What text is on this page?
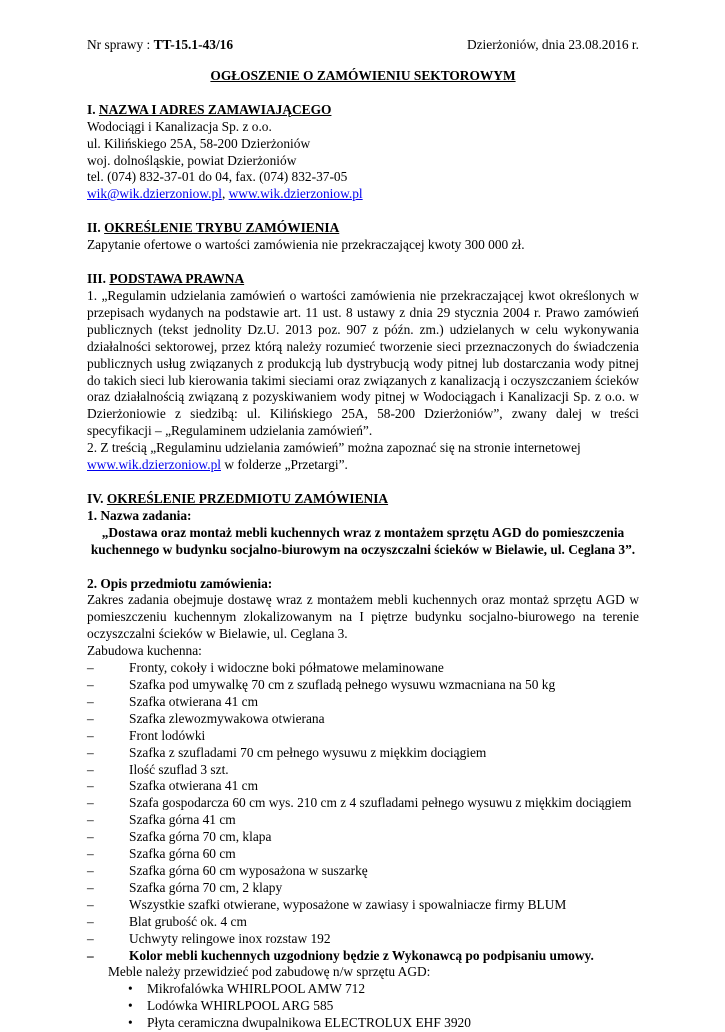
Nr sprawy : TT-15.1-43/16	Dzierżoniów, dnia 23.08.2016 r.
OGŁOSZENIE O ZAMÓWIENIU SEKTOROWYM
I. NAZWA I ADRES ZAMAWIAJĄCEGO
Wodociągi i Kanalizacja Sp. z o.o.
ul. Kilińskiego 25A, 58-200 Dzierżoniów
woj. dolnośląskie, powiat Dzierżoniów
tel. (074) 832-37-01 do 04, fax. (074) 832-37-05
wik@wik.dzierzoniow.pl, www.wik.dzierzoniow.pl
II. OKREŚLENIE TRYBU ZAMÓWIENIA
Zapytanie ofertowe o wartości zamówienia nie przekraczającej kwoty 300 000 zł.
III. PODSTAWA PRAWNA
1. „Regulamin udzielania zamówień o wartości zamówienia nie przekraczającej kwot określonych w przepisach wydanych na podstawie art. 11 ust. 8 ustawy z dnia 29 stycznia 2004 r. Prawo zamówień publicznych (tekst jednolity Dz.U. 2013 poz. 907 z późn. zm.) udzielanych w celu wykonywania działalności sektorowej, przez którą należy rozumieć tworzenie sieci przeznaczonych do świadczenia publicznych usług związanych z produkcją lub dystrybucją wody pitnej lub dostarczania wody pitnej do takich sieci lub kierowania takimi sieciami oraz związanych z kanalizacją i oczyszczaniem ścieków oraz działalnością związaną z pozyskiwaniem wody pitnej w Wodociągach i Kanalizacji Sp. z o.o. w Dzierżoniowie z siedzibą: ul. Kilińskiego 25A, 58-200 Dzierżoniów”, zwany dalej w treści specyfikacji – „Regulaminem udzielania zamówień”.
2. Z treścią „Regulaminu udzielania zamówień” można zapoznać się na stronie internetowej
www.wik.dzierzoniow.pl w folderze „Przetargi”.
IV. OKREŚLENIE PRZEDMIOTU ZAMÓWIENIA
1. Nazwa zadania:
„Dostawa oraz montaż mebli kuchennych wraz z montażem sprzętu AGD do pomieszczenia
kuchennego w budynku socjalno-biurowym na oczyszczalni ścieków w Bielawie, ul. Ceglana 3”.
2. Opis przedmiotu zamówienia:
Zakres zadania obejmuje dostawę wraz z montażem mebli kuchennych oraz montaż sprzętu AGD w pomieszczeniu kuchennym zlokalizowanym na I piętrze budynku socjalno-biurowego na terenie oczyszczalni ścieków w Bielawie, ul. Ceglana 3.
Zabudowa kuchenna:
– Fronty, cokoły i widoczne boki półmatowe melaminowane
– Szafka pod umywalkę 70 cm z szufladą pełnego wysuwu wzmacniana na 50 kg
– Szafka otwierana 41 cm
– Szafka zlewozmywakowa otwierana
– Front lodówki
– Szafka z szufladami 70 cm pełnego wysuwu z miękkim dociągiem
– Ilość szuflad 3 szt.
– Szafka otwierana 41 cm
– Szafa gospodarcza 60 cm wys. 210 cm z 4 szufladami pełnego wysuwu z miękkim dociągiem
– Szafka górna 41 cm
– Szafka górna 70 cm, klapa
– Szafka górna 60 cm
– Szafka górna 60 cm wyposażona w suszarkę
– Szafka górna 70 cm, 2 klapy
– Wszystkie szafki otwierane, wyposażone w zawiasy i spowalniacze firmy BLUM
– Blat grubość ok. 4 cm
– Uchwyty relingowe inox rozstaw 192
– Kolor mebli kuchennych uzgodniony będzie z Wykonawcą po podpisaniu umowy.
Meble należy przewidzieć pod zabudowę n/w sprzętu AGD:
• Mikrofalówka WHIRLPOOL AMW 712
• Lodówka WHIRLPOOL ARG 585
• Płyta ceramiczna dwupalnikowa ELECTROLUX EHF 3920
